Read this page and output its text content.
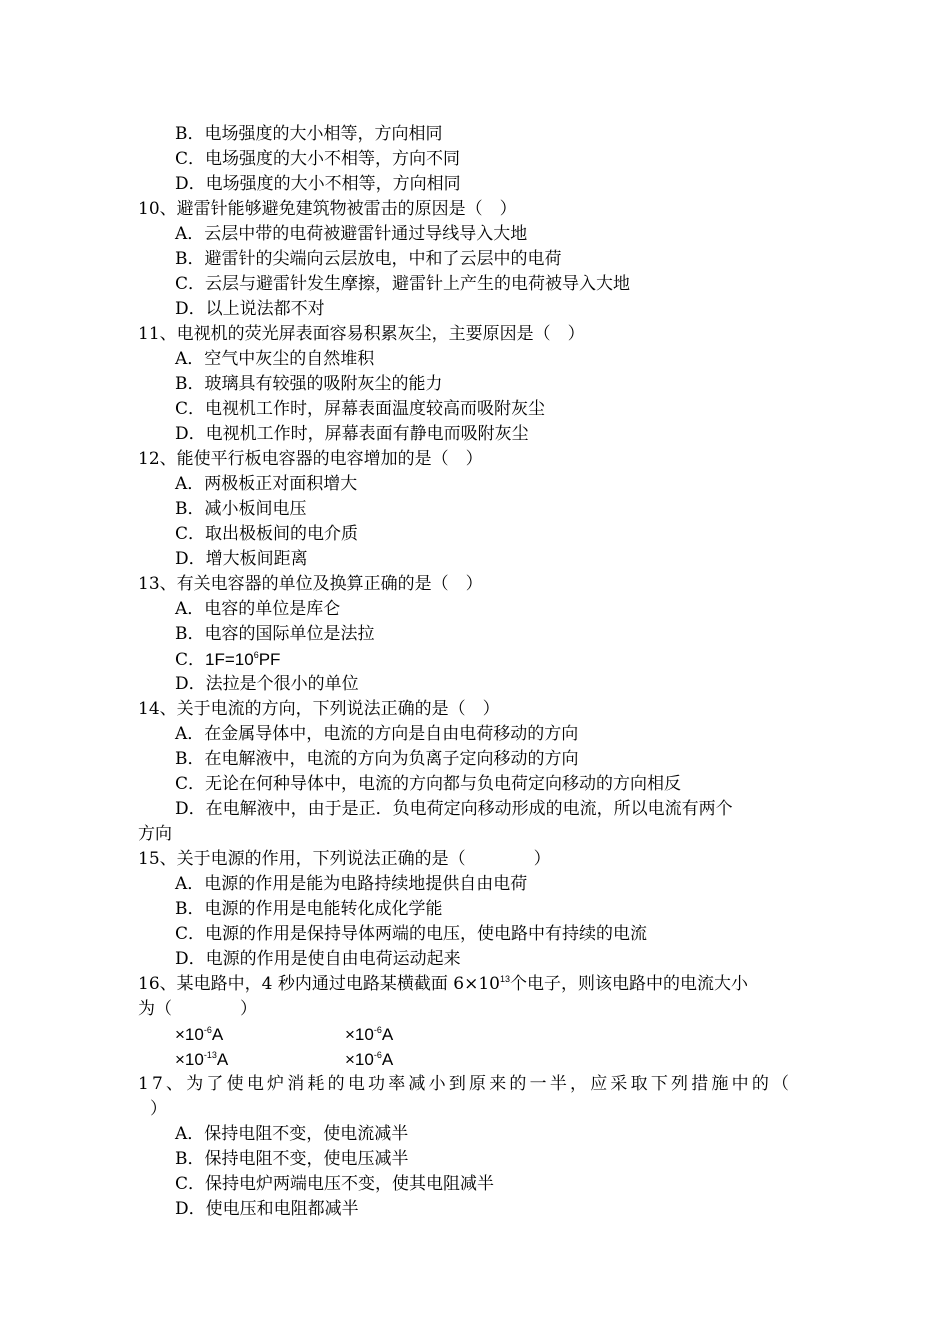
B．电场强度的大小相等，方向相同
C．电场强度的大小不相等，方向不同
D．电场强度的大小不相等，方向相同
10、避雷针能够避免建筑物被雷击的原因是（　）
A．云层中带的电荷被避雷针通过导线导入大地
B．避雷针的尖端向云层放电，中和了云层中的电荷
C．云层与避雷针发生摩擦，避雷针上产生的电荷被导入大地
D．以上说法都不对
11、电视机的荧光屏表面容易积累灰尘，主要原因是（　）
A．空气中灰尘的自然堆积
B．玻璃具有较强的吸附灰尘的能力
C．电视机工作时，屏幕表面温度较高而吸附灰尘
D．电视机工作时，屏幕表面有静电而吸附灰尘
12、能使平行板电容器的电容增加的是（　）
A．两极板正对面积增大
B．减小板间电压
C．取出极板间的电介质
D．增大板间距离
13、有关电容器的单位及换算正确的是（　）
A．电容的单位是库仑
B．电容的国际单位是法拉
C．$1F=10^6PF$
D．法拉是个很小的单位
14、关于电流的方向，下列说法正确的是（　）
A．在金属导体中，电流的方向是自由电荷移动的方向
B．在电解液中，电流的方向为负离子定向移动的方向
C．无论在何种导体中，电流的方向都与负电荷定向移动的方向相反
D．在电解液中，由于是正．负电荷定向移动形成的电流，所以电流有两个
方向
15、关于电源的作用，下列说法正确的是（　　　　）
A．电源的作用是能为电路持续地提供自由电荷
B．电源的作用是电能转化成化学能
C．电源的作用是保持导体两端的电压，使电路中有持续的电流
D．电源的作用是使自由电荷运动起来
16、某电路中，4 秒内通过电路某横截面 $6\times 10^{13}$个电子，则该电路中的电流大小
为（　　　　）
$\times 10^{-6}A$	$\times 10^{-6}A$
$\times 10^{-13}A$	$\times 10^{-6}A$
17、为了使电炉消耗的电功率减小到原来的一半，应采取下列措施中的（
）
A．保持电阻不变，使电流减半
B．保持电阻不变，使电压减半
C．保持电炉两端电压不变，使其电阻减半
D．使电压和电阻都减半
